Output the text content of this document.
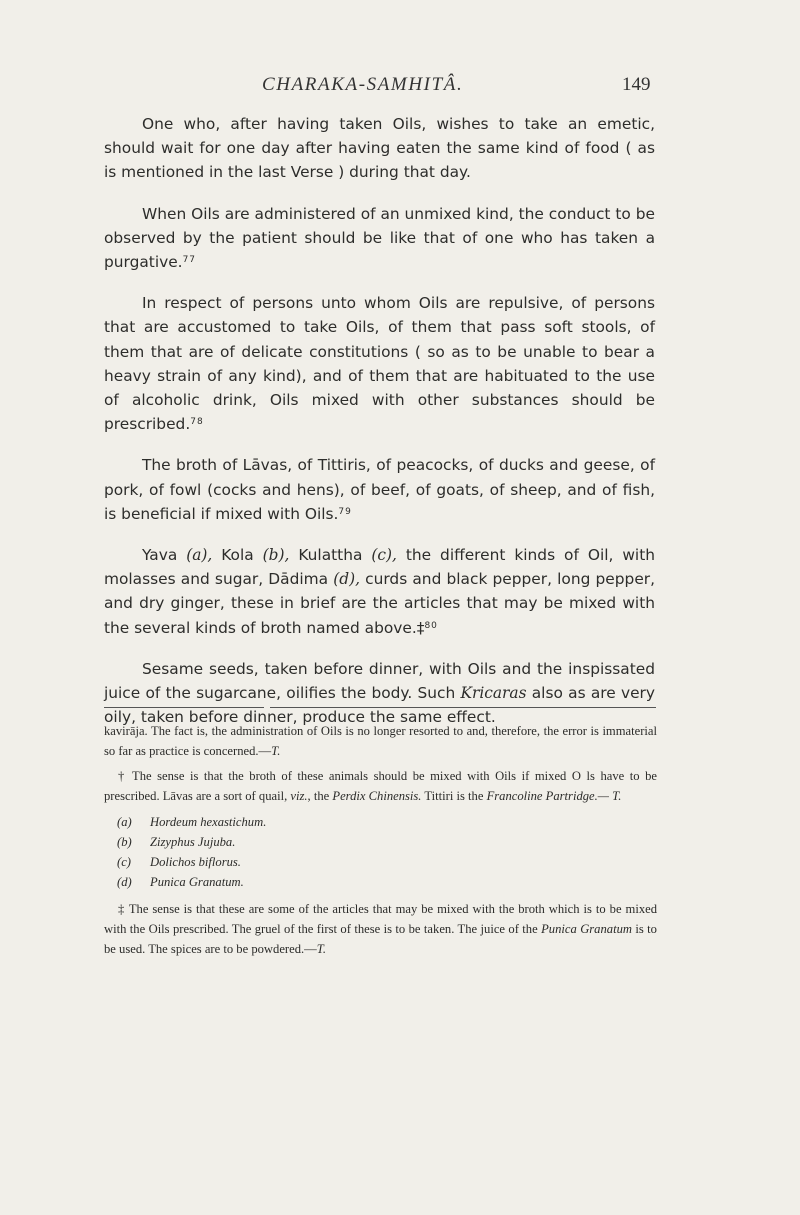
CHARAKA-SAMHITÂ.	149

One who, after having taken Oils, wishes to take an emetic, should wait for one day after having eaten the same kind of food ( as is mentioned in the last Verse ) during that day.

When Oils are administered of an unmixed kind, the conduct to be observed by the patient should be like that of one who has taken a purgative.$^{77}$

In respect of persons unto whom Oils are repulsive, of persons that are accustomed to take Oils, of them that pass soft stools, of them that are of delicate constitutions ( so as to be unable to bear a heavy strain of any kind), and of them that are habituated to the use of alcoholic drink, Oils mixed with other substances should be prescribed.$^{78}$

The broth of Lāvas, of Tittiris, of peacocks, of ducks and geese, of pork, of fowl (cocks and hens), of beef, of goats, of sheep, and of fish, is beneficial if mixed with Oils.$^{79}$

Yava (a), Kola (b), Kulattha (c), the different kinds of Oil, with molasses and sugar, Dādima (d), curds and black pepper, long pepper, and dry ginger, these in brief are the articles that may be mixed with the several kinds of broth named above.‡$^{80}$

Sesame seeds, taken before dinner, with Oils and the inspissated juice of the sugarcane, oilifies the body. Such Kricaras also as are very oily, taken before dinner, produce the same effect.

kavirāja. The fact is, the administration of Oils is no longer resorted to and, therefore, the error is immaterial so far as practice is concerned.—T.

† The sense is that the broth of these animals should be mixed with Oils if mixed O ls have to be prescribed. Lāvas are a sort of quail, viz., the Perdix Chinensis. Tittiri is the Francoline Partridge.— T.

(a) Hordeum hexastichum.
(b) Zizyphus Jujuba.
(c) Dolichos biflorus.
(d) Punica Granatum.

‡ The sense is that these are some of the articles that may be mixed with the broth which is to be mixed with the Oils prescribed. The gruel of the first of these is to be taken. The juice of the Punica Granatum is to be used. The spices are to be powdered.—T.
